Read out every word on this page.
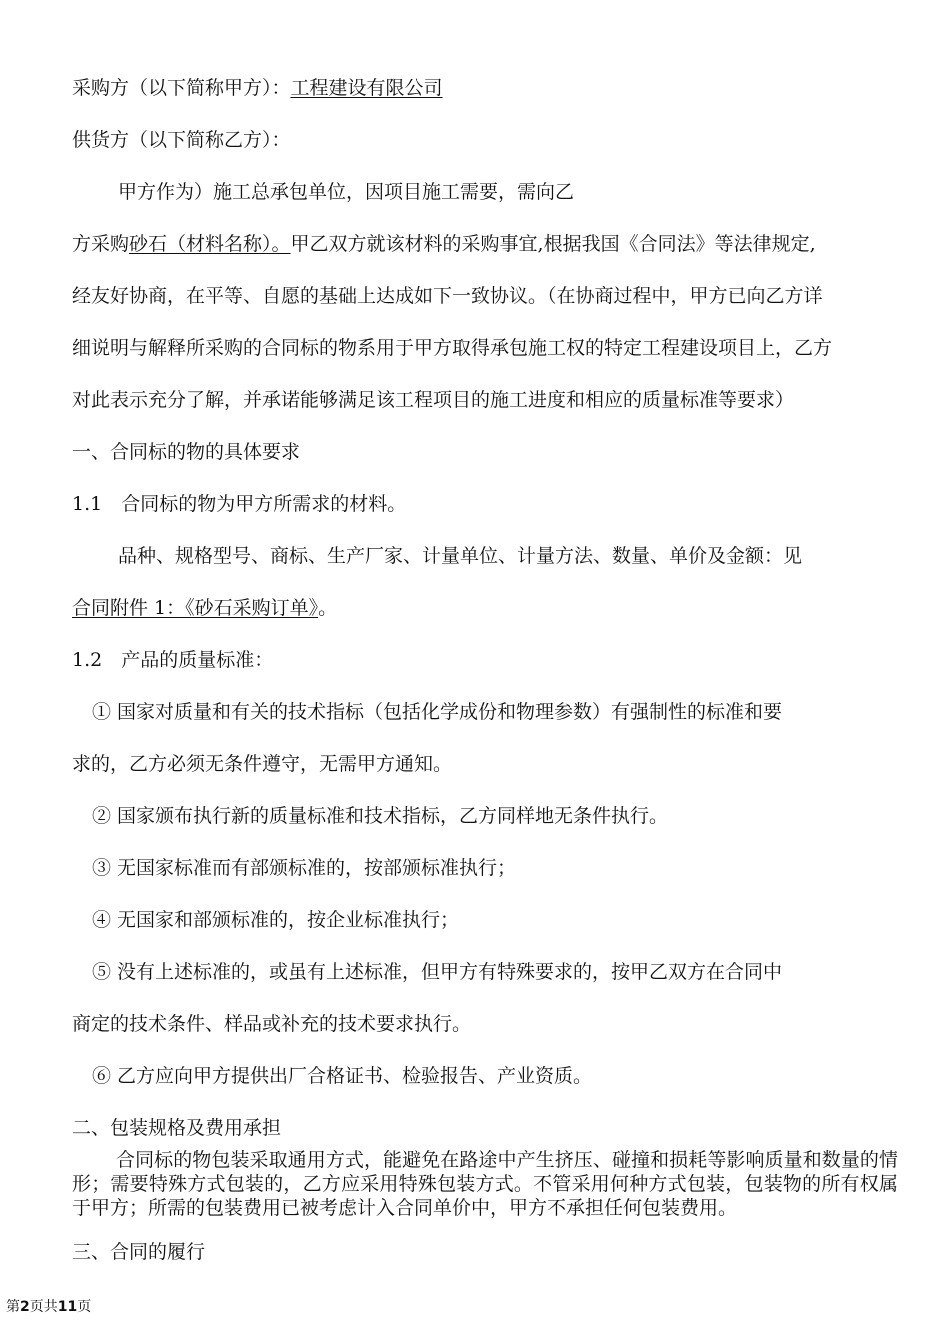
采购方（以下简称甲方）：工程建设有限公司
供货方（以下简称乙方）：
甲方作为）施工总承包单位，因项目施工需要，需向乙
方采购砂石（材料名称）。甲乙双方就该材料的采购事宜,根据我国《合同法》等法律规定,
经友好协商，在平等、自愿的基础上达成如下一致协议。（在协商过程中，甲方已向乙方详
细说明与解释所采购的合同标的物系用于甲方取得承包施工权的特定工程建设项目上，乙方
对此表示充分了解，并承诺能够满足该工程项目的施工进度和相应的质量标准等要求）
一、合同标的物的具体要求
1.1　合同标的物为甲方所需求的材料。
品种、规格型号、商标、生产厂家、计量单位、计量方法、数量、单价及金额：见
合同附件 1：《砂石采购订单》。
1.2　产品的质量标准：
① 国家对质量和有关的技术指标（包括化学成份和物理参数）有强制性的标准和要
求的，乙方必须无条件遵守，无需甲方通知。
② 国家颁布执行新的质量标准和技术指标，乙方同样地无条件执行。
③ 无国家标准而有部颁标准的，按部颁标准执行；
④ 无国家和部颁标准的，按企业标准执行；
⑤ 没有上述标准的，或虽有上述标准，但甲方有特殊要求的，按甲乙双方在合同中
商定的技术条件、样品或补充的技术要求执行。
⑥ 乙方应向甲方提供出厂合格证书、检验报告、产业资质。
二、包装规格及费用承担
合同标的物包装采取通用方式，能避免在路途中产生挤压、碰撞和损耗等影响质量和数量的情形；需要特殊方式包装的，乙方应采用特殊包装方式。不管采用何种方式包装，包装物的所有权属于甲方；所需的包装费用已被考虑计入合同单价中，甲方不承担任何包装费用。
三、合同的履行
第2页共11页
